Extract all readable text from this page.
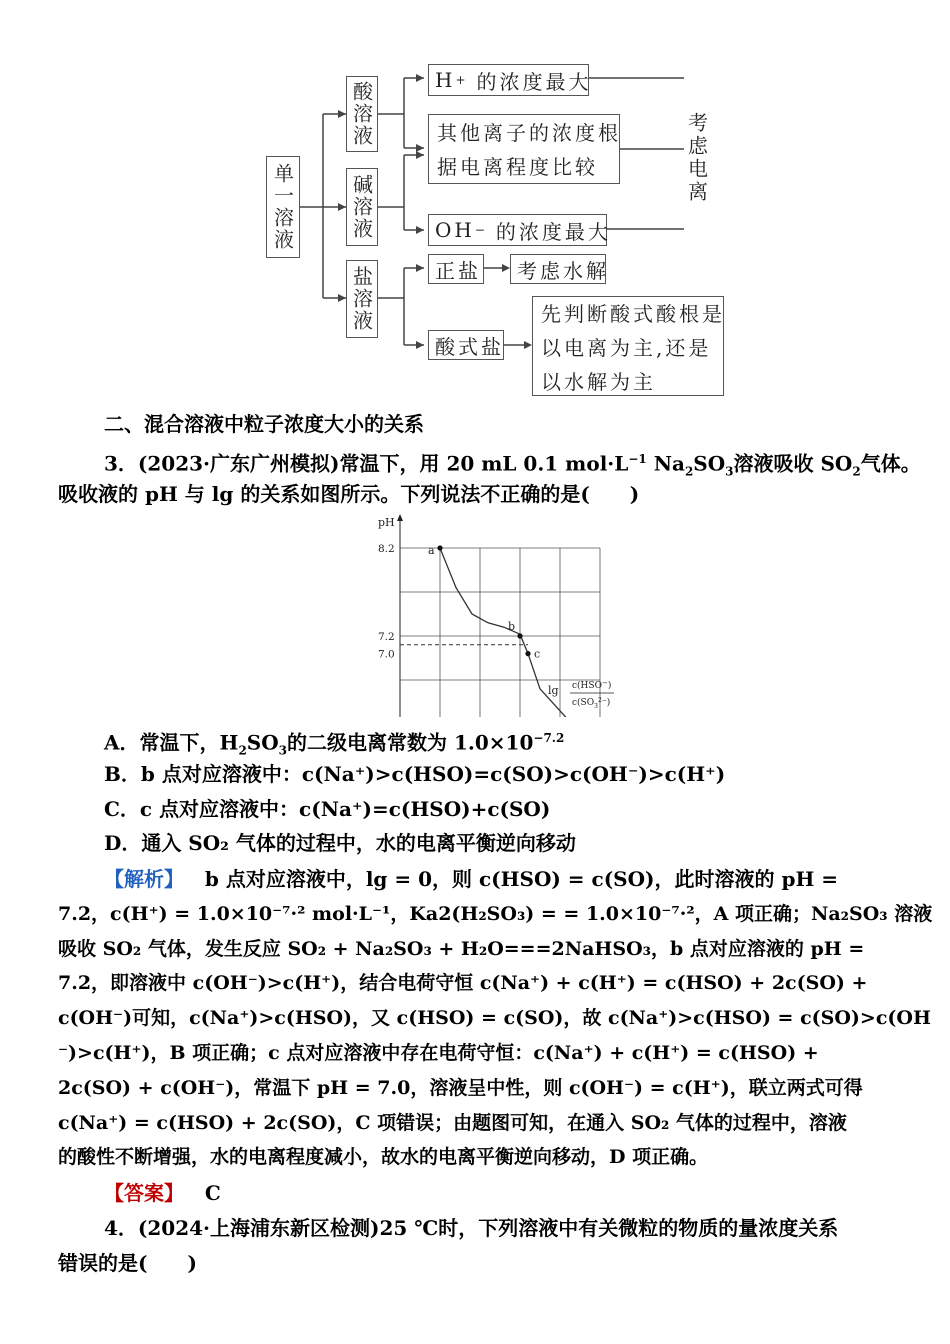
单一溶液
酸溶液
碱溶液
盐溶液
H + 的浓度最大
其他离子的浓度根
据电离程度比较
OH − 的浓度最大
考虑电离
正盐 考虑水解
酸式盐
先判断酸式酸根是
以电离为主,还是
以水解为主
二、混合溶液中粒子浓度大小的关系
3．(2023·广东广州模拟)常温下，用 20 mL 0.1 $mol\cdot L^{-1}$ $Na_2SO_3$溶液吸收 $SO_2$气体。
吸收液的 pH 与 lg 的关系如图所示。下列说法不正确的是(　　)
a
b
c
8.2
7.2
7.0
pH
lg c(HSO−)
$c(SO_3^{2-})$
A．常温下，$H_2SO_3$的二级电离常数为 $1.0\times 10^{-7.2}$
B．b 点对应溶液中：c(Na⁺)>c(HSO)=c(SO)>c(OH⁻)>c(H⁺)
C．c 点对应溶液中：c(Na⁺)=c(HSO)+c(SO)
D．通入 SO₂ 气体的过程中，水的电离平衡逆向移动
【解析】 b 点对应溶液中，lg = 0，则 c(HSO) = c(SO)，此时溶液的 pH =
7.2，c(H⁺) = 1.0×10⁻⁷·² mol·L⁻¹，Ka2(H₂SO₃) = = 1.0×10⁻⁷·²，A 项正确；Na₂SO₃ 溶液
吸收 SO₂ 气体，发生反应 SO₂ + Na₂SO₃ + H₂O===2NaHSO₃，b 点对应溶液的 pH =
7.2，即溶液中 c(OH⁻)>c(H⁺)，结合电荷守恒 c(Na⁺) + c(H⁺) = c(HSO) + 2c(SO) +
c(OH⁻)可知，c(Na⁺)>c(HSO)，又 c(HSO) = c(SO)，故 c(Na⁺)>c(HSO) = c(SO)>c(OH
⁻)>c(H⁺)，B 项正确；c 点对应溶液中存在电荷守恒：c(Na⁺) + c(H⁺) = c(HSO) +
2c(SO) + c(OH⁻)，常温下 pH = 7.0，溶液呈中性，则 c(OH⁻) = c(H⁺)，联立两式可得
c(Na⁺) = c(HSO) + 2c(SO)，C 项错误；由题图可知，在通入 SO₂ 气体的过程中，溶液
的酸性不断增强，水的电离程度减小，故水的电离平衡逆向移动，D 项正确。
【答案】 C
4．(2024·上海浦东新区检测)25 ℃时，下列溶液中有关微粒的物质的量浓度关系
错误的是(　　)
